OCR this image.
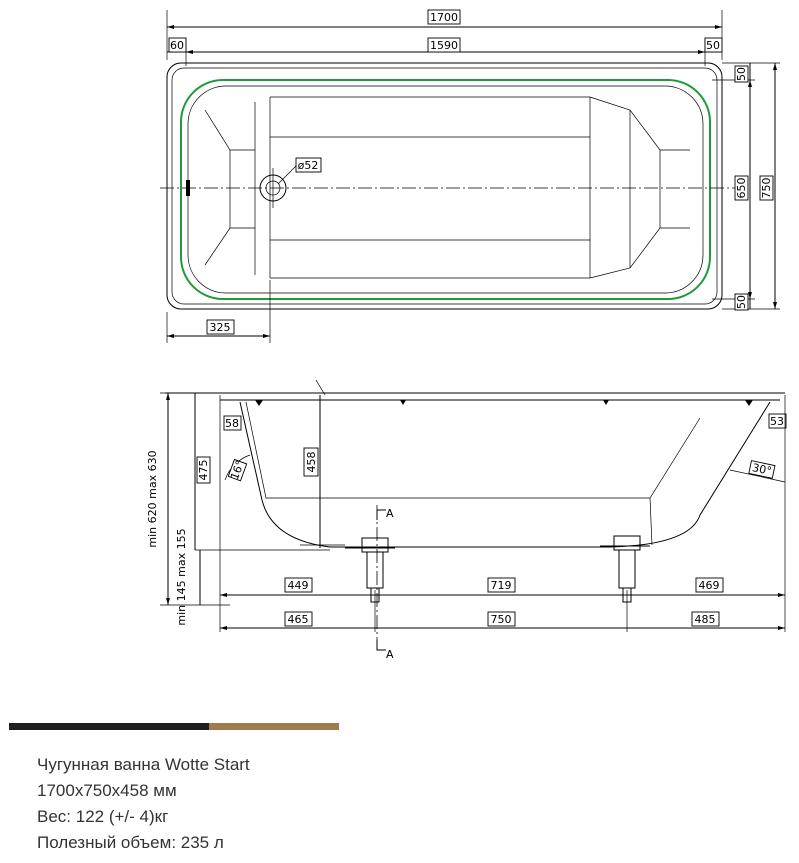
1700
60	1590	50
ø52
325
50
650
50
750
min 620 max 630
min 145 max 155
475
58	53
16°	30°
458
A
A
449	719	469
465	750	485
Чугунная ванна Wotte Start
1700x750x458 мм
Вес: 122 (+/- 4)кг
Полезный объем: 235 л
